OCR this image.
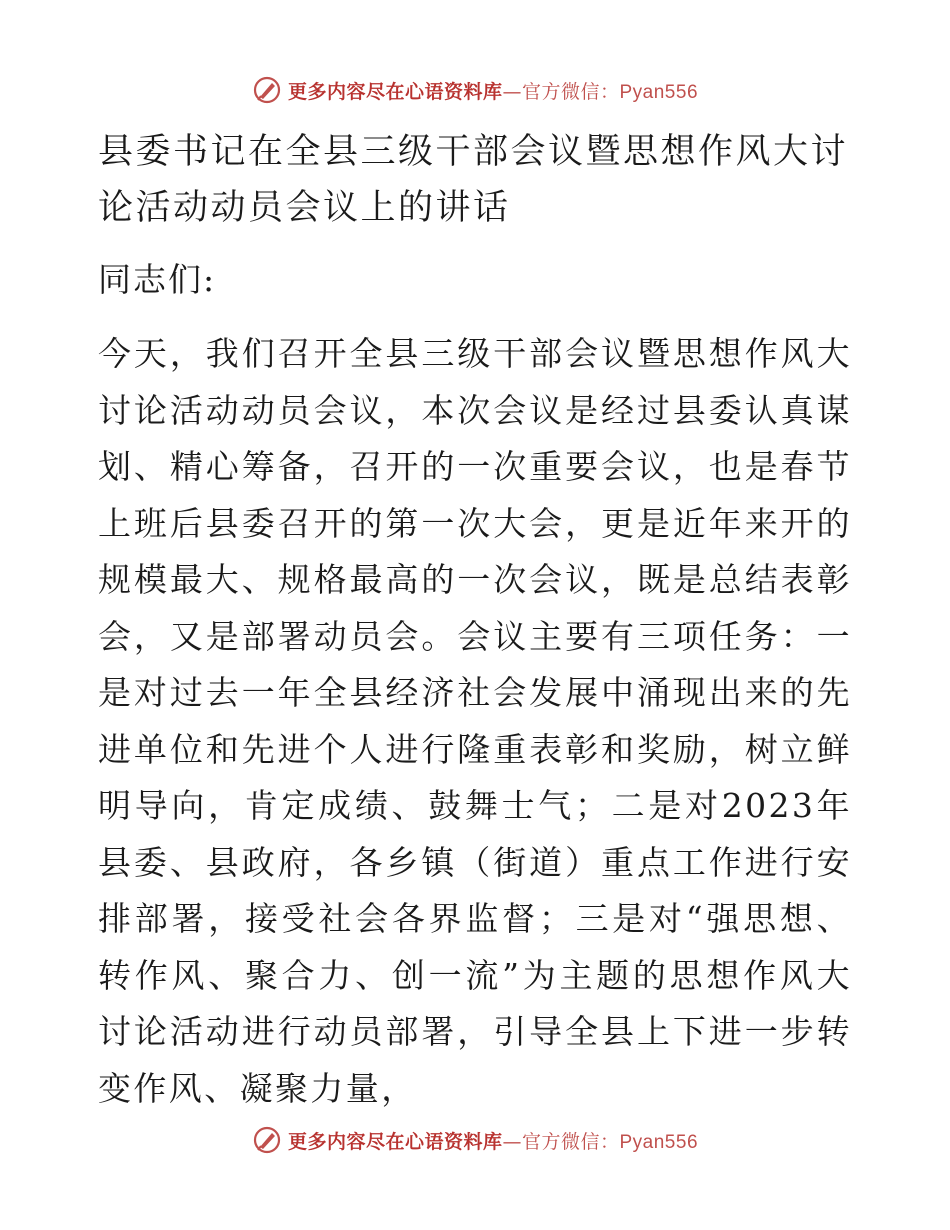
更多内容尽在心语资料库—官方微信：Pyan556
县委书记在全县三级干部会议暨思想作风大讨论活动动员会议上的讲话

同志们:

今天，我们召开全县三级干部会议暨思想作风大讨论活动动员会议，本次会议是经过县委认真谋划、精心筹备，召开的一次重要会议，也是春节上班后县委召开的第一次大会，更是近年来开的规模最大、规格最高的一次会议，既是总结表彰会，又是部署动员会。会议主要有三项任务：一是对过去一年全县经济社会发展中涌现出来的先进单位和先进个人进行隆重表彰和奖励，树立鲜明导向，肯定成绩、鼓舞士气；二是对2023年县委、县政府，各乡镇（街道）重点工作进行安排部署，接受社会各界监督；三是对“强思想、转作风、聚合力、创一流”为主题的思想作风大讨论活动进行动员部署，引导全县上下进一步转变作风、凝聚力量，

更多内容尽在心语资料库—官方微信：Pyan556
